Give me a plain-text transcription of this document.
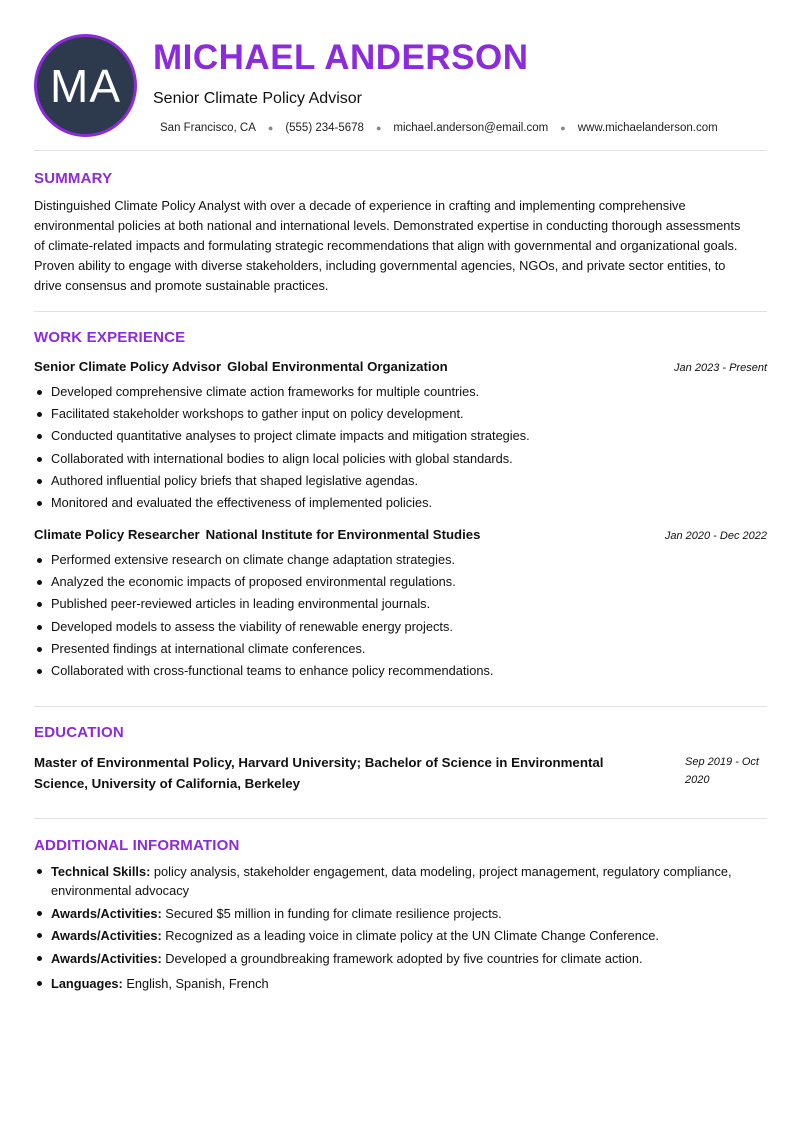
MA
MICHAEL ANDERSON
Senior Climate Policy Advisor
San Francisco, CA ● (555) 234-5678 ● michael.anderson@email.com ● www.michaelanderson.com
SUMMARY
Distinguished Climate Policy Analyst with over a decade of experience in crafting and implementing comprehensive environmental policies at both national and international levels. Demonstrated expertise in conducting thorough assessments of climate-related impacts and formulating strategic recommendations that align with governmental and organizational goals. Proven ability to engage with diverse stakeholders, including governmental agencies, NGOs, and private sector entities, to drive consensus and promote sustainable practices.
WORK EXPERIENCE
Senior Climate Policy Advisor Global Environmental Organization	Jan 2023 - Present
Developed comprehensive climate action frameworks for multiple countries.
Facilitated stakeholder workshops to gather input on policy development.
Conducted quantitative analyses to project climate impacts and mitigation strategies.
Collaborated with international bodies to align local policies with global standards.
Authored influential policy briefs that shaped legislative agendas.
Monitored and evaluated the effectiveness of implemented policies.
Climate Policy Researcher National Institute for Environmental Studies	Jan 2020 - Dec 2022
Performed extensive research on climate change adaptation strategies.
Analyzed the economic impacts of proposed environmental regulations.
Published peer-reviewed articles in leading environmental journals.
Developed models to assess the viability of renewable energy projects.
Presented findings at international climate conferences.
Collaborated with cross-functional teams to enhance policy recommendations.
EDUCATION
Master of Environmental Policy, Harvard University; Bachelor of Science in Environmental Science, University of California, Berkeley
Sep 2019 - Oct 2020
ADDITIONAL INFORMATION
Technical Skills: policy analysis, stakeholder engagement, data modeling, project management, regulatory compliance, environmental advocacy
Awards/Activities: Secured $5 million in funding for climate resilience projects.
Awards/Activities: Recognized as a leading voice in climate policy at the UN Climate Change Conference.
Awards/Activities: Developed a groundbreaking framework adopted by five countries for climate action.
Languages: English, Spanish, French
